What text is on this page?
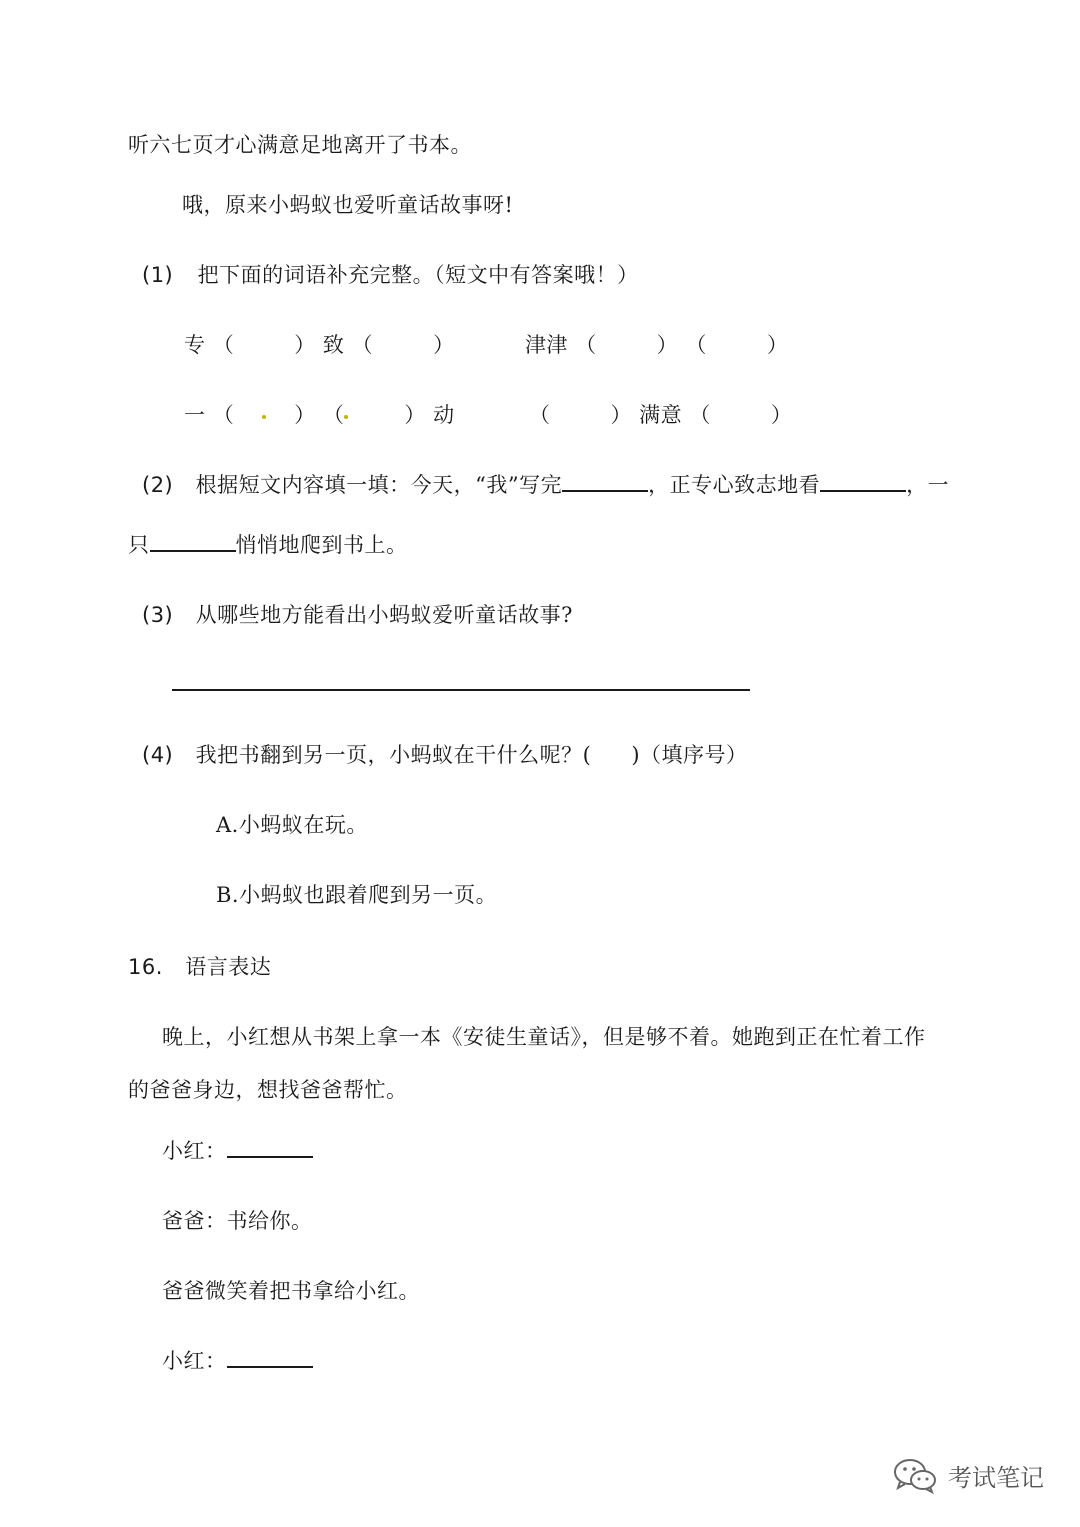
听六七页才心满意足地离开了书本。
哦，原来小蚂蚁也爱听童话故事呀!
(1) 把下面的词语补充完整。（短文中有答案哦！）
专 （	） 致 （	）	津津 （	） （	）
一 （	） （	） 动	（	） 满意 （	）
(2) 根据短文内容填一填：今天，“我”写完	，正专心致志地看	，一
只	悄悄地爬到书上。
(3) 从哪些地方能看出小蚂蚁爱听童话故事?
(4) 我把书翻到另一页，小蚂蚁在干什么呢？( )（填序号）
A.小蚂蚁在玩。
B.小蚂蚁也跟着爬到另一页。
16. 语言表达
晚上，小红想从书架上拿一本《安徒生童话》，但是够不着。她跑到正在忙着工作
的爸爸身边，想找爸爸帮忙。
小红：
爸爸：书给你。
爸爸微笑着把书拿给小红。
小红：
考试笔记
